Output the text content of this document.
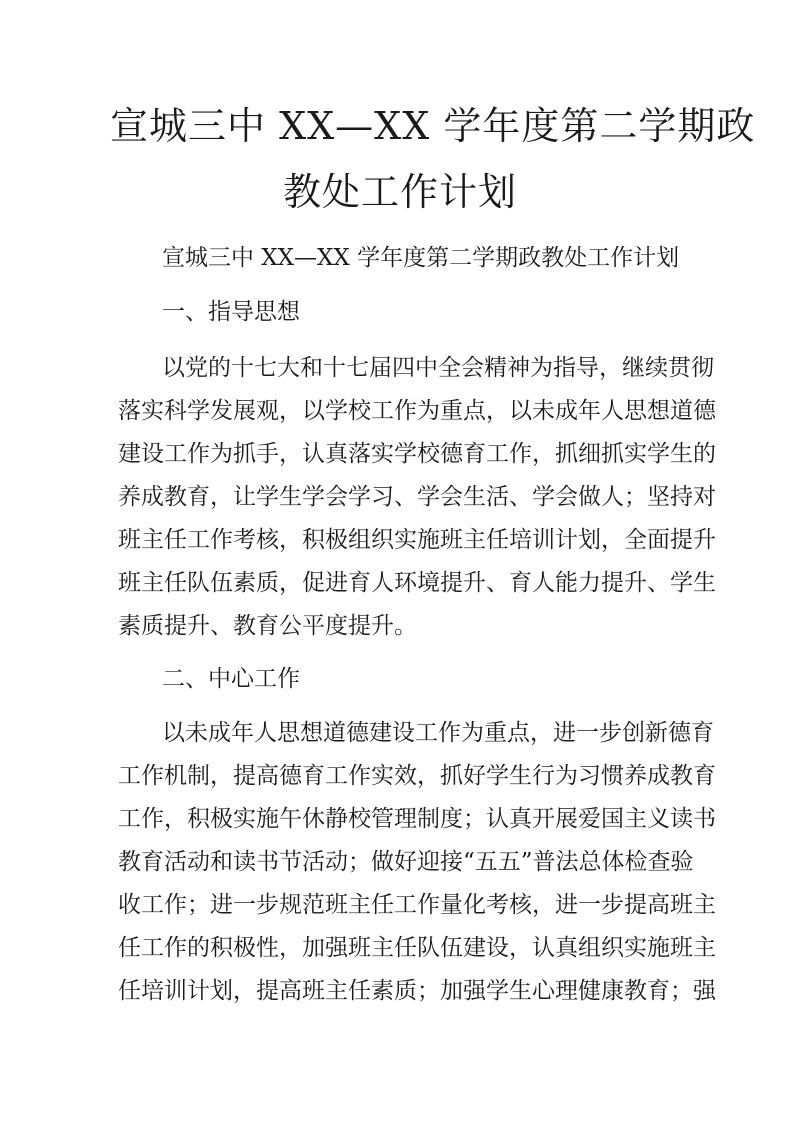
宣城三中 XX—XX 学年度第二学期政
教处工作计划
宣城三中 XX—XX 学年度第二学期政教处工作计划
一、指导思想
以党的十七大和十七届四中全会精神为指导，继续贯彻
落实科学发展观，以学校工作为重点，以未成年人思想道德
建设工作为抓手，认真落实学校德育工作，抓细抓实学生的
养成教育，让学生学会学习、学会生活、学会做人；坚持对
班主任工作考核，积极组织实施班主任培训计划，全面提升
班主任队伍素质，促进育人环境提升、育人能力提升、学生
素质提升、教育公平度提升。
二、中心工作
以未成年人思想道德建设工作为重点，进一步创新德育
工作机制，提高德育工作实效，抓好学生行为习惯养成教育
工作，积极实施午休静校管理制度；认真开展爱国主义读书
教育活动和读书节活动；做好迎接“五五”普法总体检查验
收工作；进一步规范班主任工作量化考核，进一步提高班主
任工作的积极性，加强班主任队伍建设，认真组织实施班主
任培训计划，提高班主任素质；加强学生心理健康教育；强
